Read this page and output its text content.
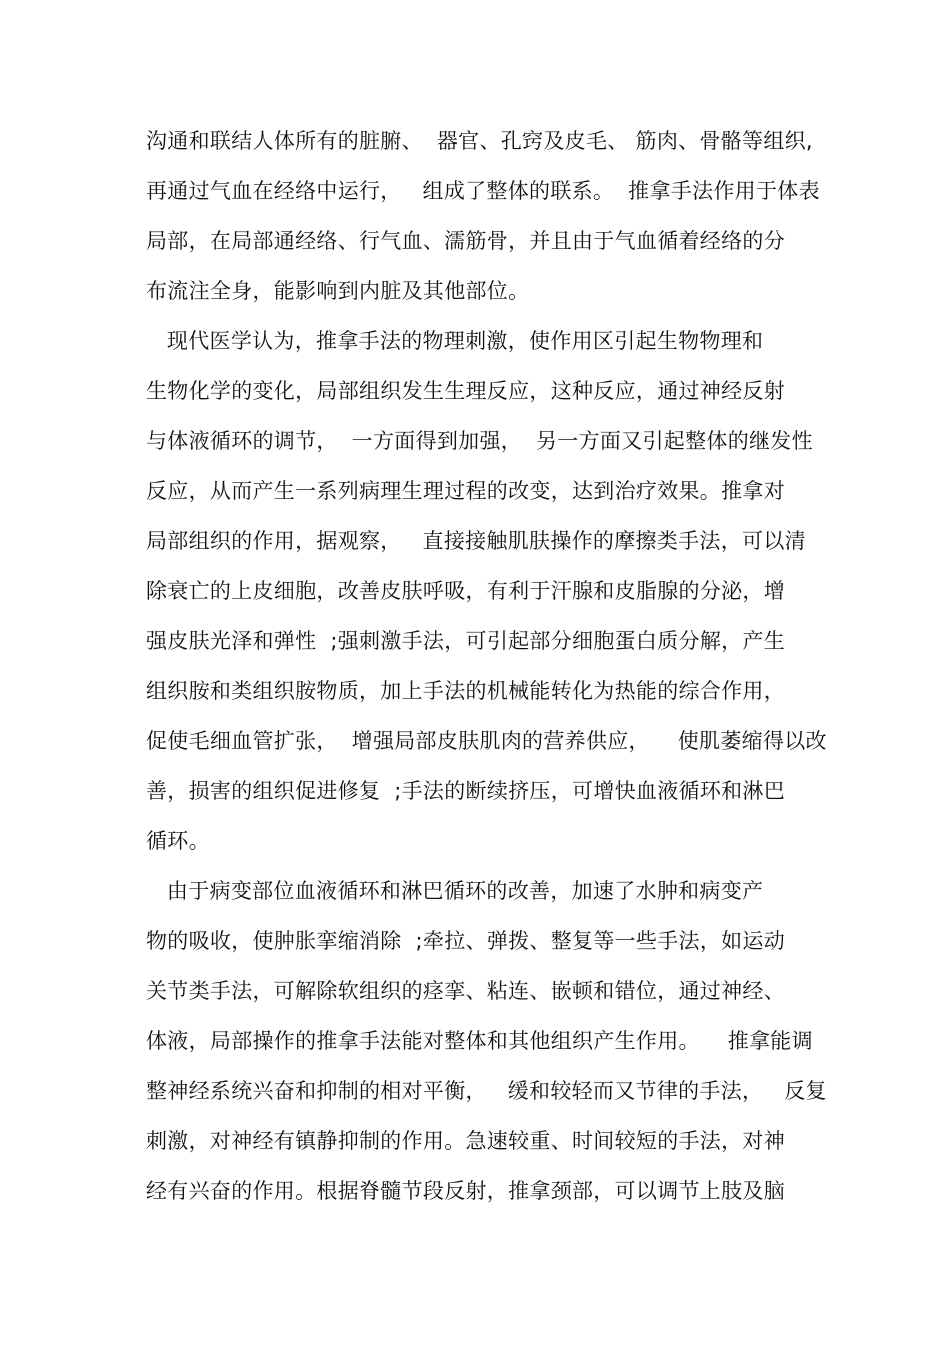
沟通和联结人体所有的脏腑、  器官、孔窍及皮毛、 筋肉、骨骼等组织,
再通过气血在经络中运行，   组成了整体的联系。  推拿手法作用于体表
局部，在局部通经络、行气血、濡筋骨，并且由于气血循着经络的分
布流注全身，能影响到内脏及其他部位。
现代医学认为，推拿手法的物理刺激，使作用区引起生物物理和
生物化学的变化，局部组织发生生理反应，这种反应，通过神经反射
与体液循环的调节，  一方面得到加强，  另一方面又引起整体的继发性
反应，从而产生一系列病理生理过程的改变，达到治疗效果。推拿对
局部组织的作用，据观察，   直接接触肌肤操作的摩擦类手法，可以清
除衰亡的上皮细胞，改善皮肤呼吸，有利于汗腺和皮脂腺的分泌，增
强皮肤光泽和弹性  ;强刺激手法，可引起部分细胞蛋白质分解，产生
组织胺和类组织胺物质，加上手法的机械能转化为热能的综合作用，
促使毛细血管扩张，  增强局部皮肤肌肉的营养供应，    使肌萎缩得以改
善，损害的组织促进修复  ;手法的断续挤压，可增快血液循环和淋巴
循环。
由于病变部位血液循环和淋巴循环的改善，加速了水肿和病变产
物的吸收，使肿胀挛缩消除  ;牵拉、弹拨、整复等一些手法，如运动
关节类手法，可解除软组织的痉挛、粘连、嵌顿和错位，通过神经、
体液，局部操作的推拿手法能对整体和其他组织产生作用。    推拿能调
整神经系统兴奋和抑制的相对平衡，   缓和较轻而又节律的手法，   反复
刺激，对神经有镇静抑制的作用。急速较重、时间较短的手法，对神
经有兴奋的作用。根据脊髓节段反射，推拿颈部，可以调节上肢及脑
